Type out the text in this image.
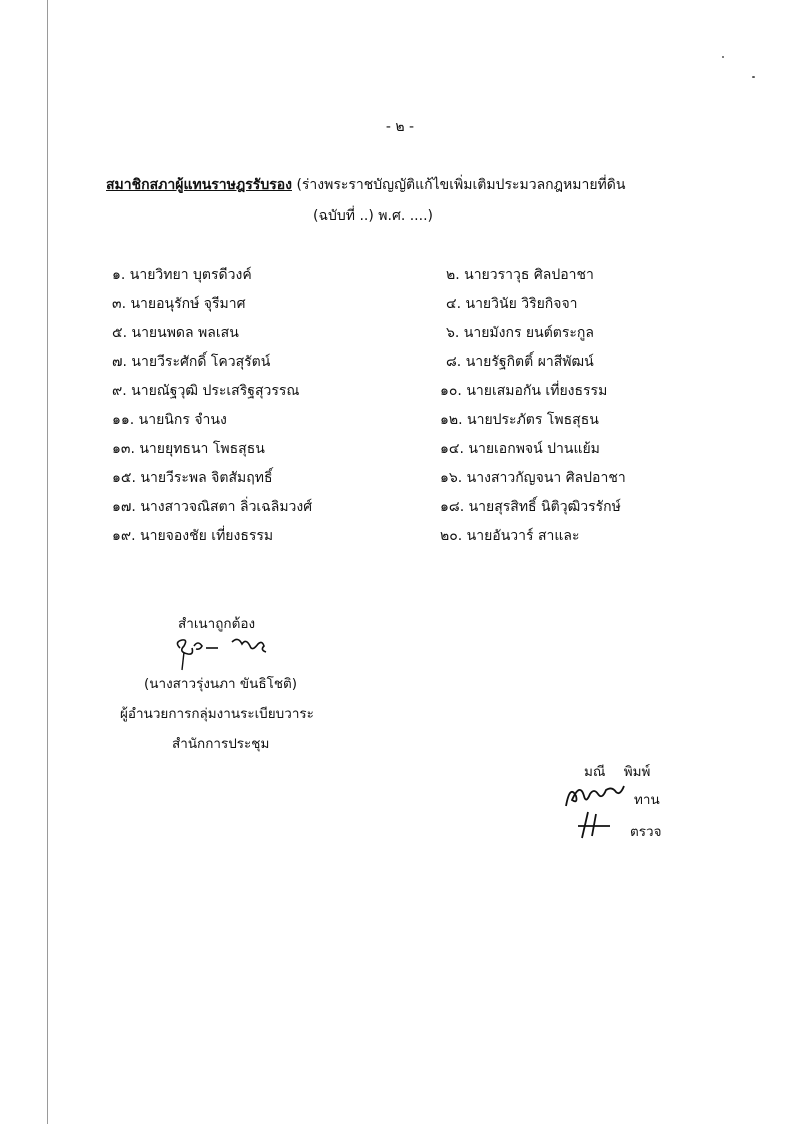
- ๒ -
สมาชิกสภาผู้แทนราษฎรรับรอง (ร่างพระราชบัญญัติแก้ไขเพิ่มเติมประมวลกฎหมายที่ดิน
(ฉบับที่ ..) พ.ศ. ....)
๑. นายวิทยา บุตรดีวงค์	๒. นายวราวุธ ศิลปอาชา
๓. นายอนุรักษ์ จุรีมาศ	๔. นายวินัย วิริยกิจจา
๕. นายนพดล พลเสน	๖. นายมังกร ยนต์ตระกูล
๗. นายวีระศักดิ์ โควสุรัตน์	๘. นายรัฐกิตติ์ ผาสีพัฒน์
๙. นายณัฐวุฒิ ประเสริฐสุวรรณ	๑๐. นายเสมอกัน เที่ยงธรรม
๑๑. นายนิกร จำนง	๑๒. นายประภัตร โพธสุธน
๑๓. นายยุทธนา โพธสุธน	๑๔. นายเอกพจน์ ปานแย้ม
๑๕. นายวีระพล จิตสัมฤทธิ์	๑๖. นางสาวกัญจนา ศิลปอาชา
๑๗. นางสาวจณิสตา ลิ่วเฉลิมวงศ์	๑๘. นายสุรสิทธิ์ นิติวุฒิวรรักษ์
๑๙. นายจองชัย เที่ยงธรรม	๒๐. นายอันวาร์ สาและ
สำเนาถูกต้อง
(นางสาวรุ่งนภา ขันธิโชติ)
ผู้อำนวยการกลุ่มงานระเบียบวาระ
สำนักการประชุม
มณี พิมพ์
ทาน
ตรวจ
